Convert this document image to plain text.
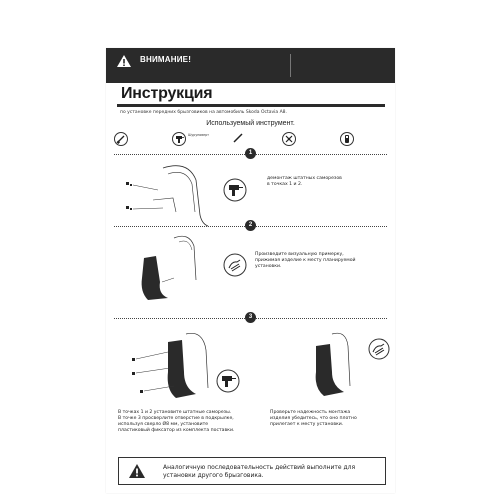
ВНИМАНИЕ!
Инструкция
по установке передних брызговиков на автомобиль Skoda Octavia A8.
Используемый инструмент.
Шуруповерт
1
демонтаж штатных саморезов
в точках 1 и 2.
2
Произведите визуальную примерку,
прижимая изделие к месту планируемой
установки.
3
В точках 1 и 2 установите штатные саморезы.
В точке 3 просверлите отверстие в подкрылке,
используя сверло Ø8 мм, установите
пластиковый фиксатор из комплекта поставки.
Проверьте надежность монтажа
изделия убедитесь, что оно плотно
прилегает к месту установки.
Аналогичную последовательность действий выполните для
установки другого брызговика.
